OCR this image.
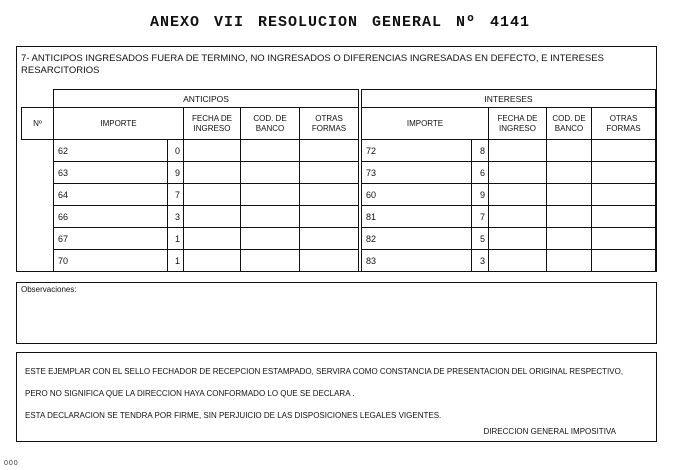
ANEXO VII RESOLUCION GENERAL Nº 4141
7- ANTICIPOS INGRESADOS FUERA DE TERMINO, NO INGRESADOS O DIFERENCIAS INGRESADAS EN DEFECTO, E INTERESES RESARCITORIOS
	ANTICIPOS				
Nº	IMPORTE		FECHA DE INGRESO	COD. DE BANCO	OTRAS FORMAS
	62	0			
	63	9			
	64	7			
	66	3			
	67	1			
	70	1			
INTERESES				
IMPORTE		FECHA DE INGRESO	COD. DE BANCO	OTRAS FORMAS
72	8			
73	6			
60	9			
81	7			
82	5			
83	3			
Observaciones:
ESTE EJEMPLAR CON EL SELLO FECHADOR DE RECEPCION ESTAMPADO, SERVIRA COMO CONSTANCIA DE PRESENTACION DEL ORIGINAL RESPECTIVO,
PERO NO SIGNIFICA QUE LA DIRECCION HAYA CONFORMADO LO QUE SE DECLARA .
ESTA DECLARACION SE TENDRA POR FIRME, SIN PERJUICIO DE LAS DISPOSICIONES LEGALES VIGENTES.
DIRECCION GENERAL IMPOSITIVA
000
